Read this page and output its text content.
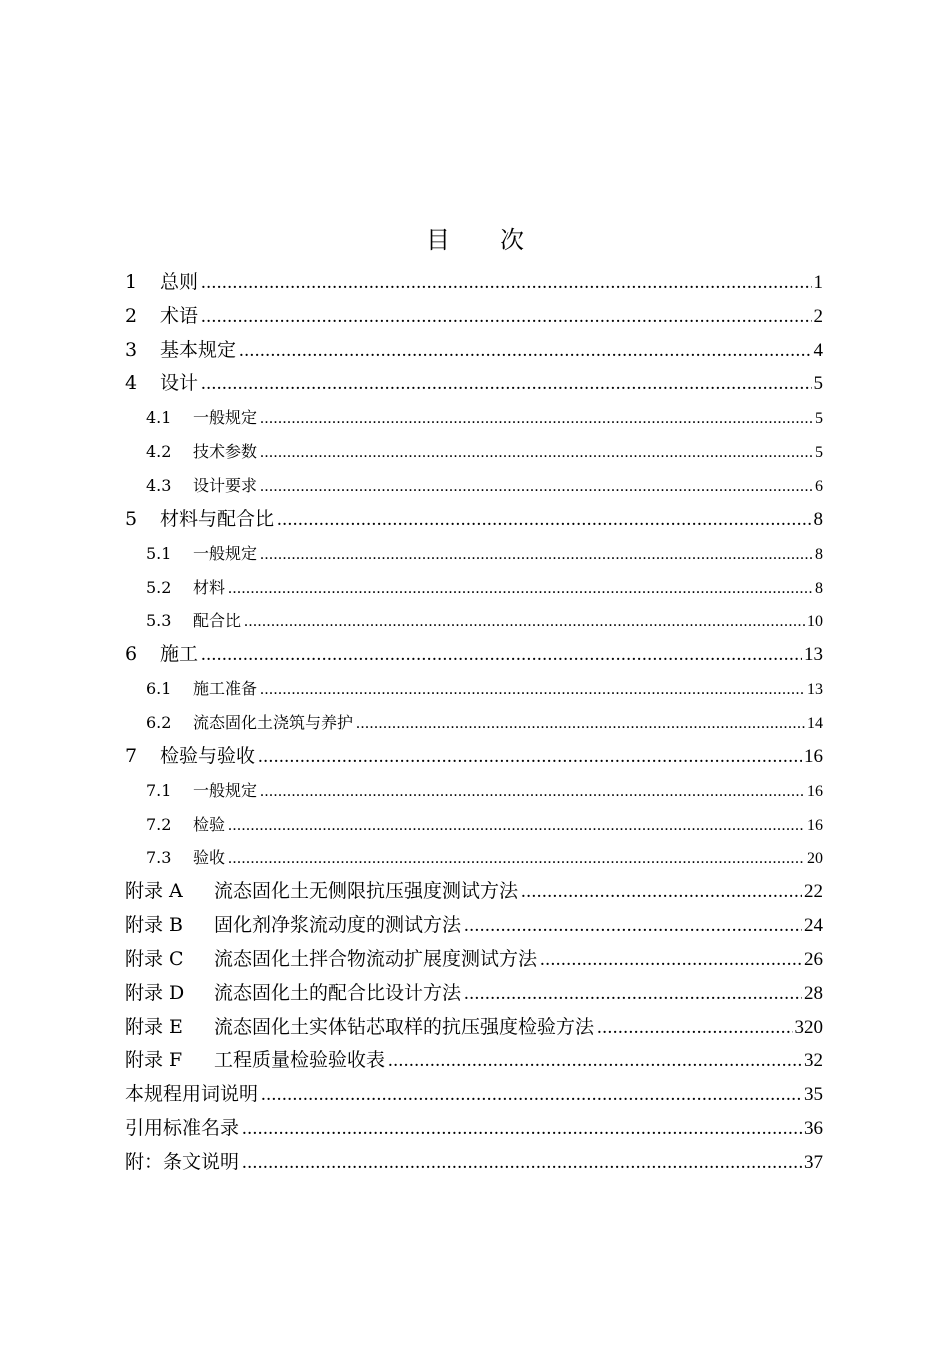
目 次
1	总则 .....	1
2	术语 .....	2
3	基本规定 .....	4
4	设计 .....	5
4.1	一般规定 .....	5
4.2	技术参数 .....	5
4.3	设计要求 .....	6
5	材料与配合比 .....	8
5.1	一般规定 .....	8
5.2	材料 .....	8
5.3	配合比 .....	10
6	施工 .....	13
6.1	施工准备 .....	13
6.2	流态固化土浇筑与养护 .....	14
7	检验与验收 .....	16
7.1	一般规定 .....	16
7.2	检验 .....	16
7.3	验收 .....	20
附录 A	流态固化土无侧限抗压强度测试方法 .....	22
附录 B	固化剂净浆流动度的测试方法 .....	24
附录 C	流态固化土拌合物流动扩展度测试方法 .....	26
附录 D	流态固化土的配合比设计方法 .....	28
附录 E	流态固化土实体钻芯取样的抗压强度检验方法 .....	320
附录 F	工程质量检验验收表 .....	32
本规程用词说明 .....	35
引用标准名录 .....	36
附：条文说明 .....	37
